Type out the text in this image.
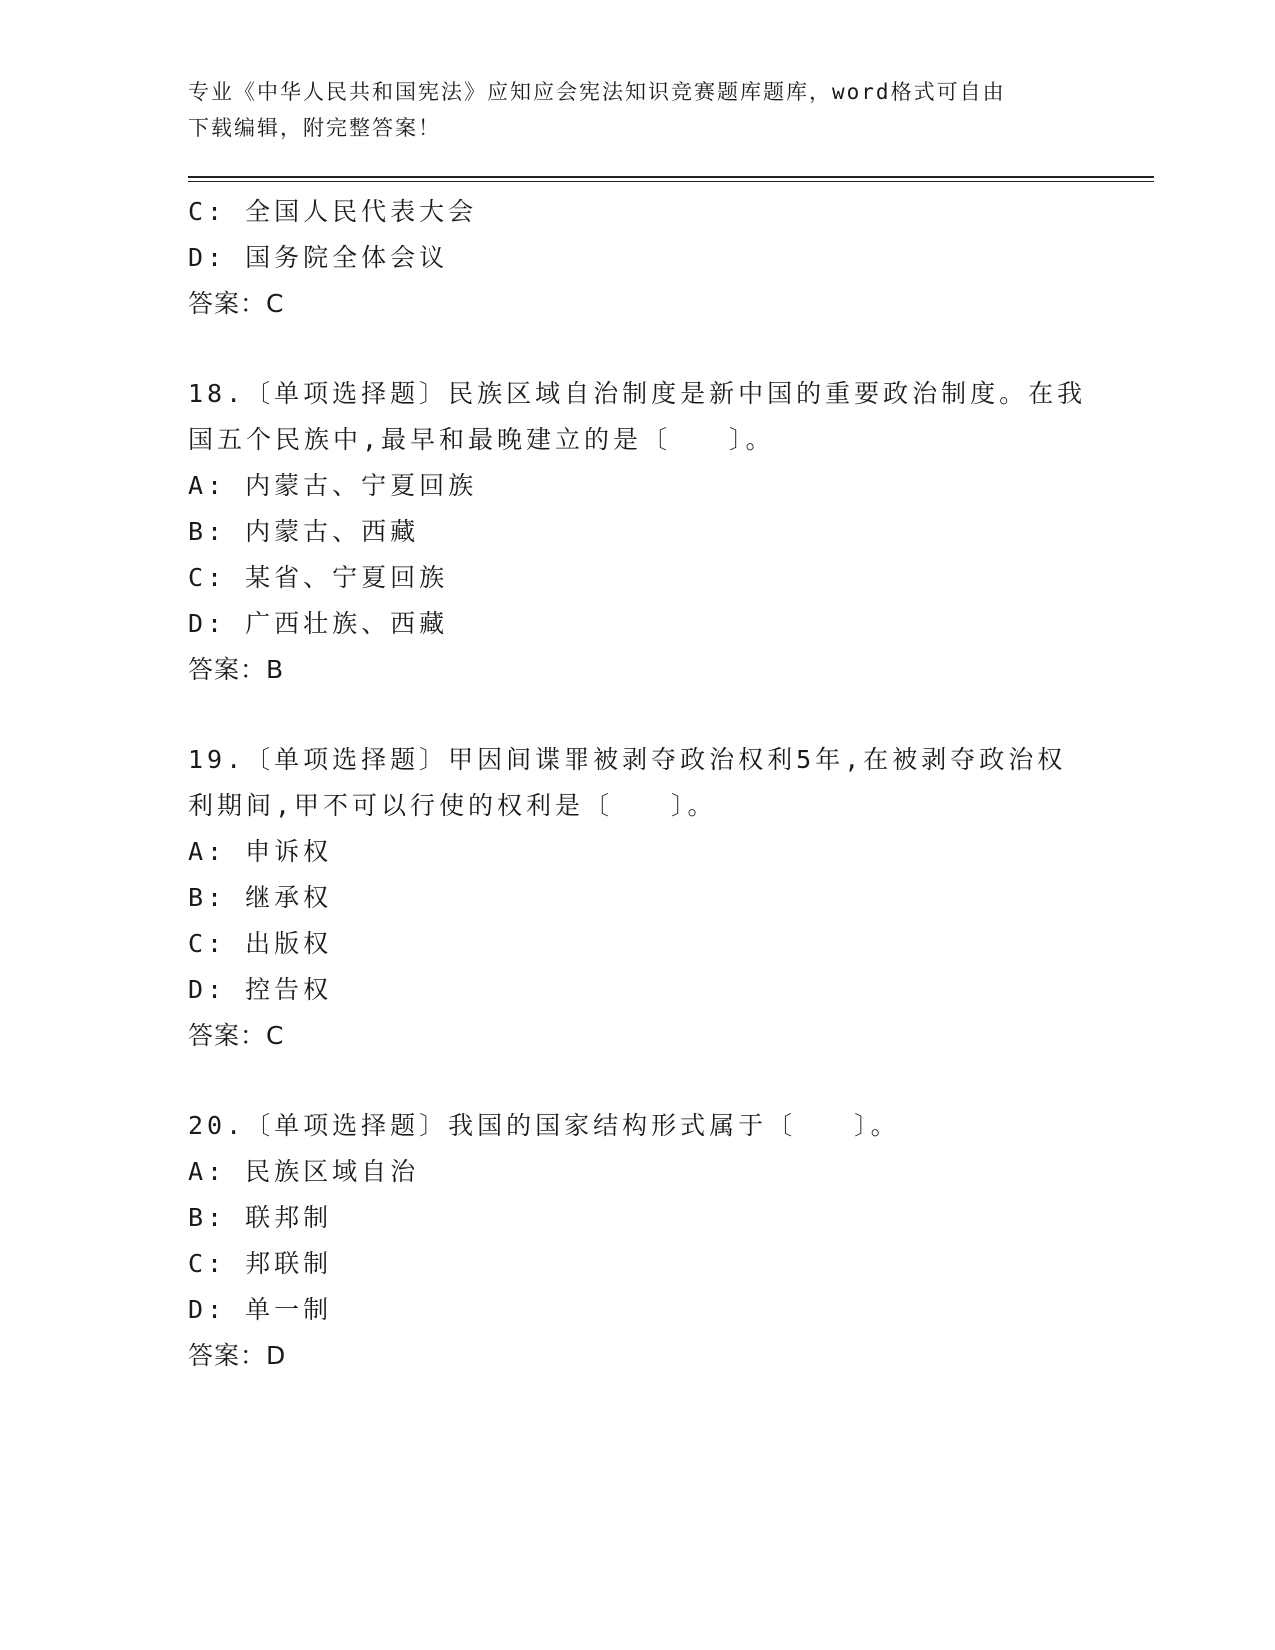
专业《中华人民共和国宪法》应知应会宪法知识竞赛题库题库，word格式可自由
下载编辑，附完整答案！
C: 全国人民代表大会
D: 国务院全体会议
答案：C
18.〔单项选择题〕民族区域自治制度是新中国的重要政治制度。在我
国五个民族中,最早和最晚建立的是〔　　〕。
A: 内蒙古、宁夏回族
B: 内蒙古、西藏
C: 某省、宁夏回族
D: 广西壮族、西藏
答案：B
19.〔单项选择题〕甲因间谍罪被剥夺政治权利5年,在被剥夺政治权
利期间,甲不可以行使的权利是〔　　〕。
A: 申诉权
B: 继承权
C: 出版权
D: 控告权
答案：C
20.〔单项选择题〕我国的国家结构形式属于〔　　〕。
A: 民族区域自治
B: 联邦制
C: 邦联制
D: 单一制
答案：D
